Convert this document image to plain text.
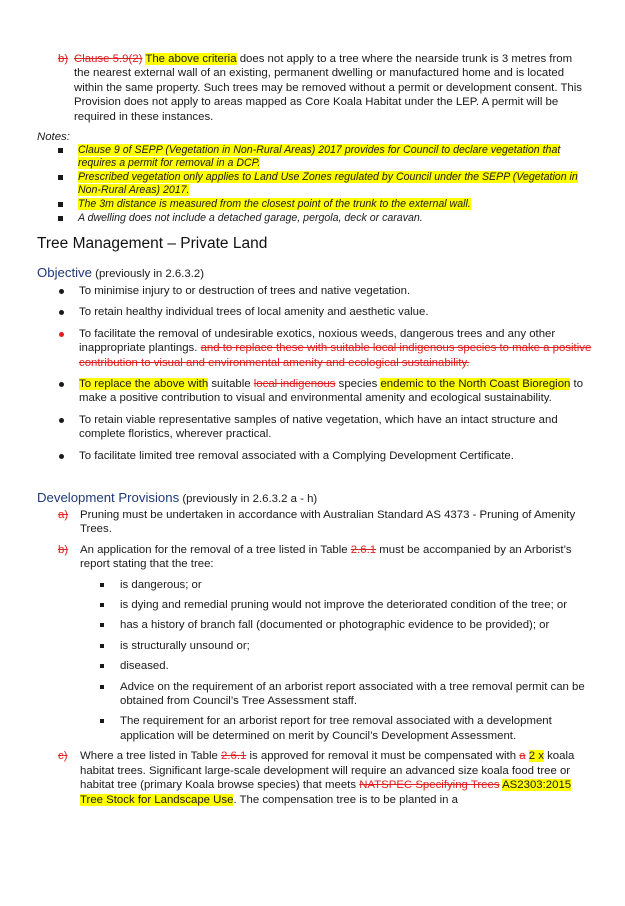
b) Clause 5.9(2) The above criteria does not apply to a tree where the nearside trunk is 3 metres from the nearest external wall of an existing, permanent dwelling or manufactured home and is located within the same property. Such trees may be removed without a permit or development consent. This Provision does not apply to areas mapped as Core Koala Habitat under the LEP. A permit will be required in these instances.
Notes:
Clause 9 of SEPP (Vegetation in Non-Rural Areas) 2017 provides for Council to declare vegetation that requires a permit for removal in a DCP.
Prescribed vegetation only applies to Land Use Zones regulated by Council under the SEPP (Vegetation in Non-Rural Areas) 2017.
The 3m distance is measured from the closest point of the trunk to the external wall.
A dwelling does not include a detached garage, pergola, deck or caravan.
Tree Management – Private Land
Objective (previously in 2.6.3.2)
To minimise injury to or destruction of trees and native vegetation.
To retain healthy individual trees of local amenity and aesthetic value.
To facilitate the removal of undesirable exotics, noxious weeds, dangerous trees and any other inappropriate plantings. and to replace these with suitable local indigenous species to make a positive contribution to visual and environmental amenity and ecological sustainability.
To replace the above with suitable local indigenous species endemic to the North Coast Bioregion to make a positive contribution to visual and environmental amenity and ecological sustainability.
To retain viable representative samples of native vegetation, which have an intact structure and complete floristics, wherever practical.
To facilitate limited tree removal associated with a Complying Development Certificate.
Development Provisions (previously in 2.6.3.2 a - h)
a) Pruning must be undertaken in accordance with Australian Standard AS 4373 - Pruning of Amenity Trees.
b) An application for the removal of a tree listed in Table 2.6.1 must be accompanied by an Arborist’s report stating that the tree:
is dangerous; or
is dying and remedial pruning would not improve the deteriorated condition of the tree; or
has a history of branch fall (documented or photographic evidence to be provided); or
is structurally unsound or;
diseased.
Advice on the requirement of an arborist report associated with a tree removal permit can be obtained from Council’s Tree Assessment staff.
The requirement for an arborist report for tree removal associated with a development application will be determined on merit by Council’s Development Assessment.
c) Where a tree listed in Table 2.6.1 is approved for removal it must be compensated with a 2 x koala habitat trees. Significant large-scale development will require an advanced size koala food tree or habitat tree (primary Koala browse species) that meets NATSPEC Specifying Trees AS2303:2015 Tree Stock for Landscape Use. The compensation tree is to be planted in a
